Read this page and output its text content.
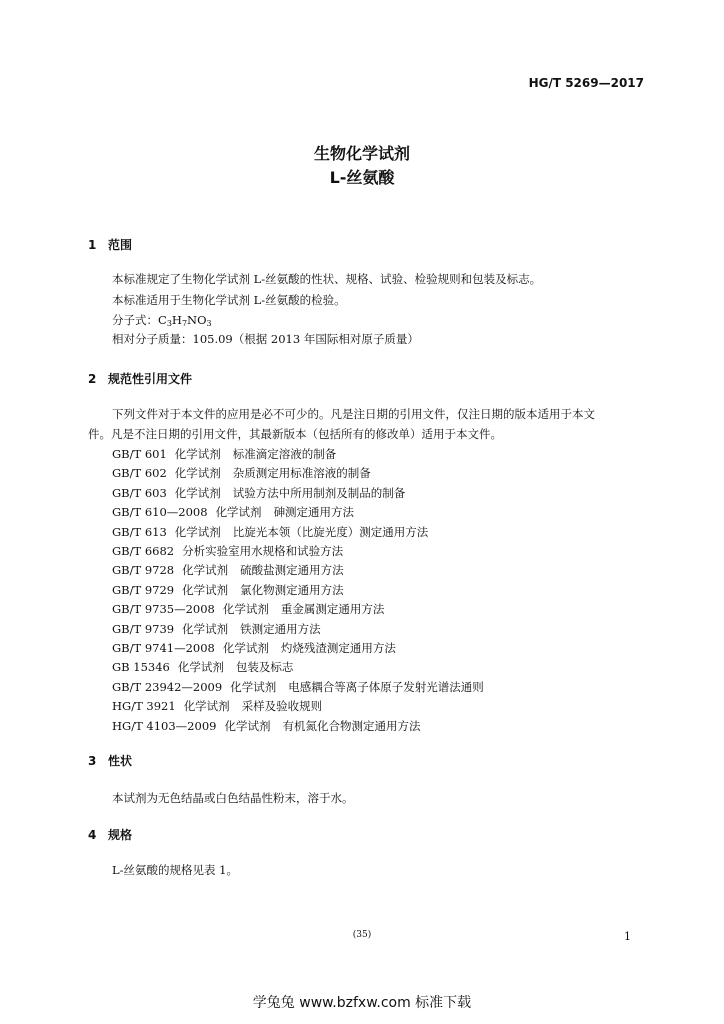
HG/T 5269—2017
生物化学试剂
L-丝氨酸
1 范围
本标准规定了生物化学试剂 L-丝氨酸的性状、规格、试验、检验规则和包装及标志。
本标准适用于生物化学试剂 L-丝氨酸的检验。
分子式：$C_3H_7NO_3$
相对分子质量：105.09（根据 2013 年国际相对原子质量）
2 规范性引用文件
下列文件对于本文件的应用是必不可少的。凡是注日期的引用文件，仅注日期的版本适用于本文
件。凡是不注日期的引用文件，其最新版本（包括所有的修改单）适用于本文件。
GB/T 601 化学试剂 标准滴定溶液的制备
GB/T 602 化学试剂 杂质测定用标准溶液的制备
GB/T 603 化学试剂 试验方法中所用制剂及制品的制备
GB/T 610—2008 化学试剂 砷测定通用方法
GB/T 613 化学试剂 比旋光本领（比旋光度）测定通用方法
GB/T 6682 分析实验室用水规格和试验方法
GB/T 9728 化学试剂 硫酸盐测定通用方法
GB/T 9729 化学试剂 氯化物测定通用方法
GB/T 9735—2008 化学试剂 重金属测定通用方法
GB/T 9739 化学试剂 铁测定通用方法
GB/T 9741—2008 化学试剂 灼烧残渣测定通用方法
GB 15346 化学试剂 包装及标志
GB/T 23942—2009 化学试剂 电感耦合等离子体原子发射光谱法通则
HG/T 3921 化学试剂 采样及验收规则
HG/T 4103—2009 化学试剂 有机氮化合物测定通用方法
3 性状
本试剂为无色结晶或白色结晶性粉末，溶于水。
4 规格
L-丝氨酸的规格见表 1。
(35)	1
学兔兔 www.bzfxw.com 标准下载
